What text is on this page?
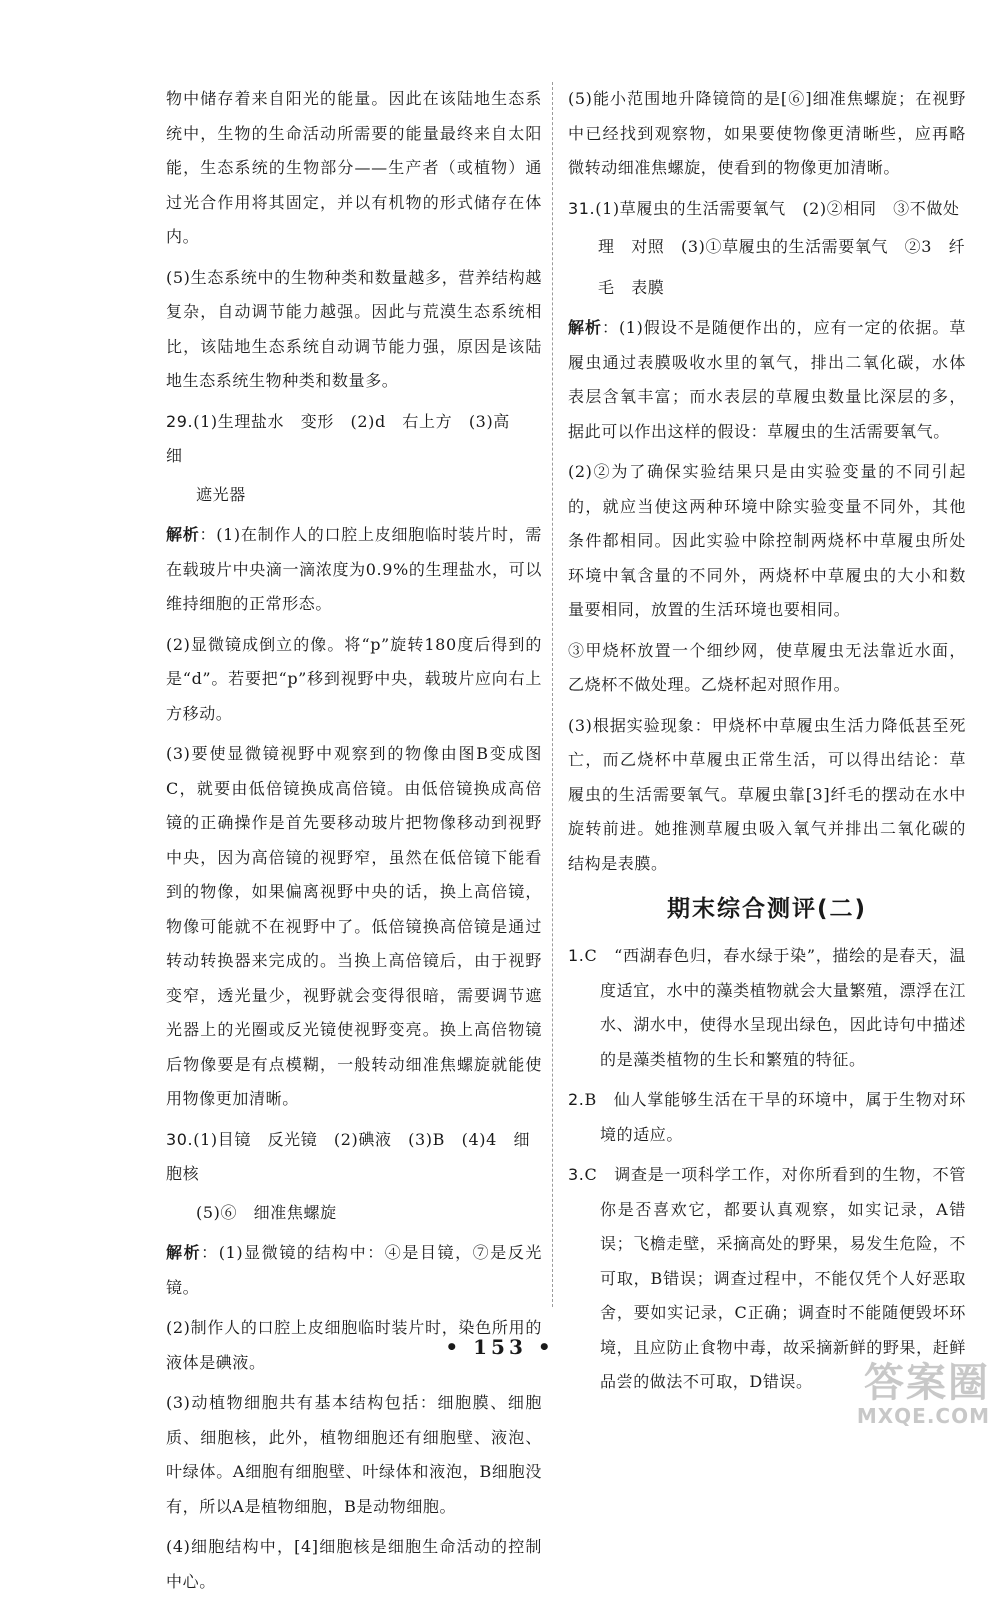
物中储存着来自阳光的能量。因此在该陆地生态系统中，生物的生命活动所需要的能量最终来自太阳能，生态系统的生物部分——生产者（或植物）通过光合作用将其固定，并以有机物的形式储存在体内。

(5)生态系统中的生物种类和数量越多，营养结构越复杂，自动调节能力越强。因此与荒漠生态系统相比，该陆地生态系统自动调节能力强，原因是该陆地生态系统生物种类和数量多。

29.(1)生理盐水　变形　(2)d　右上方　(3)高　细

遮光器

解析：(1)在制作人的口腔上皮细胞临时装片时，需在载玻片中央滴一滴浓度为0.9%的生理盐水，可以维持细胞的正常形态。

(2)显微镜成倒立的像。将“p”旋转180度后得到的是“d”。若要把“p”移到视野中央，载玻片应向右上方移动。

(3)要使显微镜视野中观察到的物像由图B变成图C，就要由低倍镜换成高倍镜。由低倍镜换成高倍镜的正确操作是首先要移动玻片把物像移动到视野中央，因为高倍镜的视野窄，虽然在低倍镜下能看到的物像，如果偏离视野中央的话，换上高倍镜，物像可能就不在视野中了。低倍镜换高倍镜是通过转动转换器来完成的。当换上高倍镜后，由于视野变窄，透光量少，视野就会变得很暗，需要调节遮光器上的光圈或反光镜使视野变亮。换上高倍物镜后物像要是有点模糊，一般转动细准焦螺旋就能使用物像更加清晰。

30.(1)目镜　反光镜　(2)碘液　(3)B　(4)4　细胞核

(5)⑥　细准焦螺旋

解析：(1)显微镜的结构中：④是目镜，⑦是反光镜。

(2)制作人的口腔上皮细胞临时装片时，染色所用的液体是碘液。

(3)动植物细胞共有基本结构包括：细胞膜、细胞质、细胞核，此外，植物细胞还有细胞壁、液泡、叶绿体。A细胞有细胞壁、叶绿体和液泡，B细胞没有，所以A是植物细胞，B是动物细胞。

(4)细胞结构中，[4]细胞核是细胞生命活动的控制中心。

(5)能小范围地升降镜筒的是[⑥]细准焦螺旋；在视野中已经找到观察物，如果要使物像更清晰些，应再略微转动细准焦螺旋，使看到的物像更加清晰。

31.(1)草履虫的生活需要氧气　(2)②相同　③不做处

理　对照　(3)①草履虫的生活需要氧气　②3　纤

毛　表膜

解析：(1)假设不是随便作出的，应有一定的依据。草履虫通过表膜吸收水里的氧气，排出二氧化碳，水体表层含氧丰富；而水表层的草履虫数量比深层的多，据此可以作出这样的假设：草履虫的生活需要氧气。

(2)②为了确保实验结果只是由实验变量的不同引起的，就应当使这两种环境中除实验变量不同外，其他条件都相同。因此实验中除控制两烧杯中草履虫所处环境中氧含量的不同外，两烧杯中草履虫的大小和数量要相同，放置的生活环境也要相同。

③甲烧杯放置一个细纱网，使草履虫无法靠近水面，乙烧杯不做处理。乙烧杯起对照作用。

(3)根据实验现象：甲烧杯中草履虫生活力降低甚至死亡，而乙烧杯中草履虫正常生活，可以得出结论：草履虫的生活需要氧气。草履虫靠[3]纤毛的摆动在水中旋转前进。她推测草履虫吸入氧气并排出二氧化碳的结构是表膜。

期末综合测评(二)

1.C　“西湖春色归，春水绿于染”，描绘的是春天，温度适宜，水中的藻类植物就会大量繁殖，漂浮在江水、湖水中，使得水呈现出绿色，因此诗句中描述的是藻类植物的生长和繁殖的特征。

2.B　仙人掌能够生活在干旱的环境中，属于生物对环境的适应。

3.C　调查是一项科学工作，对你所看到的生物，不管你是否喜欢它，都要认真观察，如实记录，A错误；飞檐走壁，采摘高处的野果，易发生危险，不可取，B错误；调查过程中，不能仅凭个人好恶取舍，要如实记录，C正确；调查时不能随便毁坏环境，且应防止食物中毒，故采摘新鲜的野果，赶鲜品尝的做法不可取，D错误。

• 153 •
答案圈
MXQE.COM
